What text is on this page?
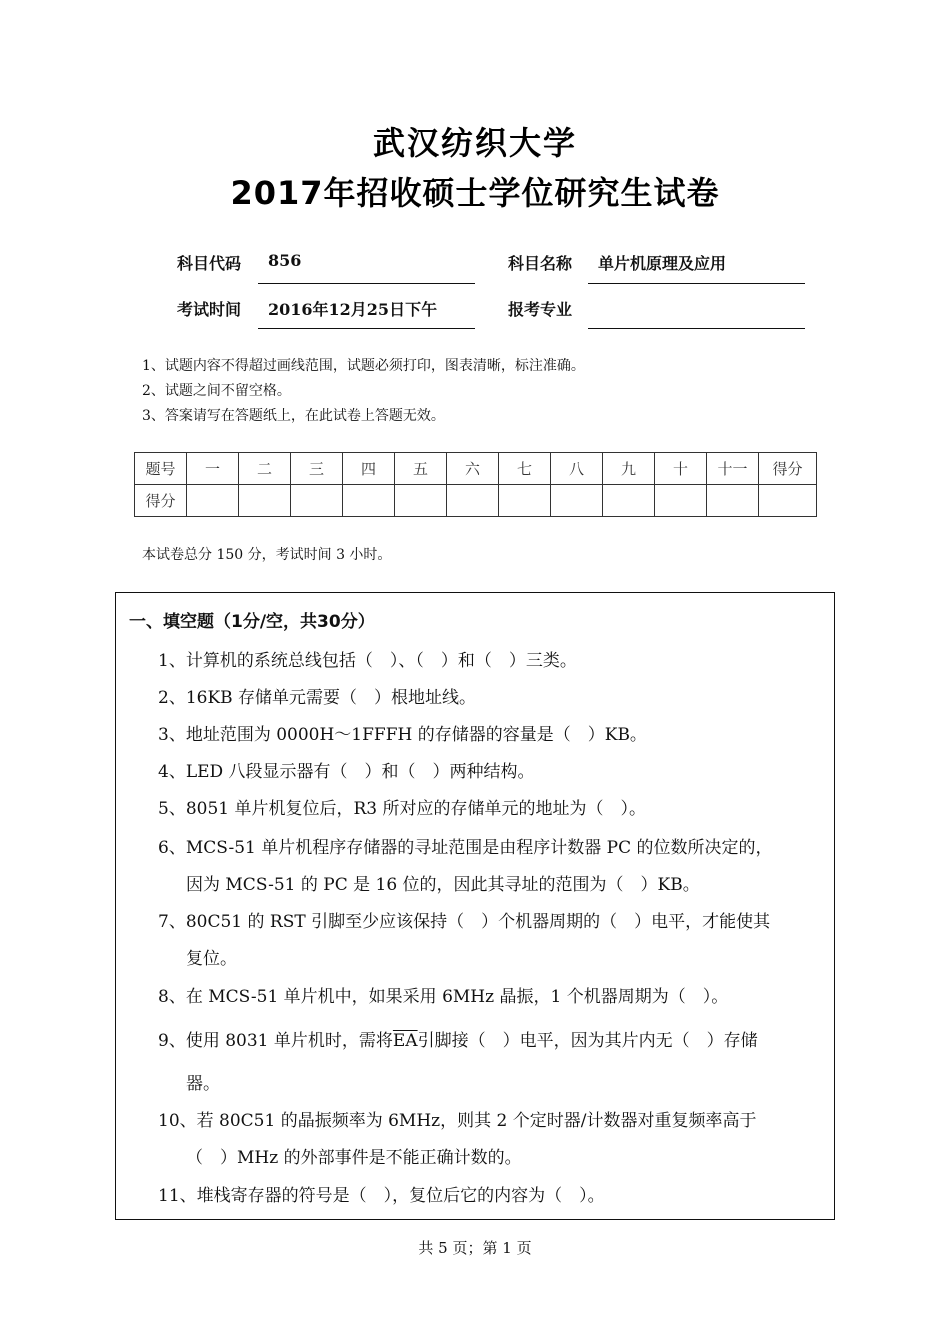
武汉纺织大学
2017年招收硕士学位研究生试卷
科目代码 856	科目名称 单片机原理及应用
考试时间 2016年12月25日下午	报考专业
1、试题内容不得超过画线范围，试题必须打印，图表清晰，标注准确。
2、试题之间不留空格。
3、答案请写在答题纸上，在此试卷上答题无效。
题号	一	二	三	四	五	六	七	八	九	十	十一	得分
得分												
本试卷总分 150 分，考试时间 3 小时。
一、填空题（1分/空，共30分）
1、计算机的系统总线包括（　）、（　）和（　）三类。
2、16KB 存储单元需要（　）根地址线。
3、地址范围为 0000H～1FFFH 的存储器的容量是（　）KB。
4、LED 八段显示器有（　）和（　）两种结构。
5、8051 单片机复位后，R3 所对应的存储单元的地址为（　）。
6、MCS-51 单片机程序存储器的寻址范围是由程序计数器 PC 的位数所决定的，
因为 MCS-51 的 PC 是 16 位的，因此其寻址的范围为（　）KB。
7、80C51 的 RST 引脚至少应该保持（　）个机器周期的（　）电平，才能使其
复位。
8、在 MCS-51 单片机中，如果采用 6MHz 晶振，1 个机器周期为（　）。
9、使用 8031 单片机时，需将$\overline{EA}$引脚接（　）电平，因为其片内无（　）存储
器。
10、若 80C51 的晶振频率为 6MHz，则其 2 个定时器/计数器对重复频率高于
（　）MHz 的外部事件是不能正确计数的。
11、堆栈寄存器的符号是（　），复位后它的内容为（　）。
共 5 页；第 1 页
